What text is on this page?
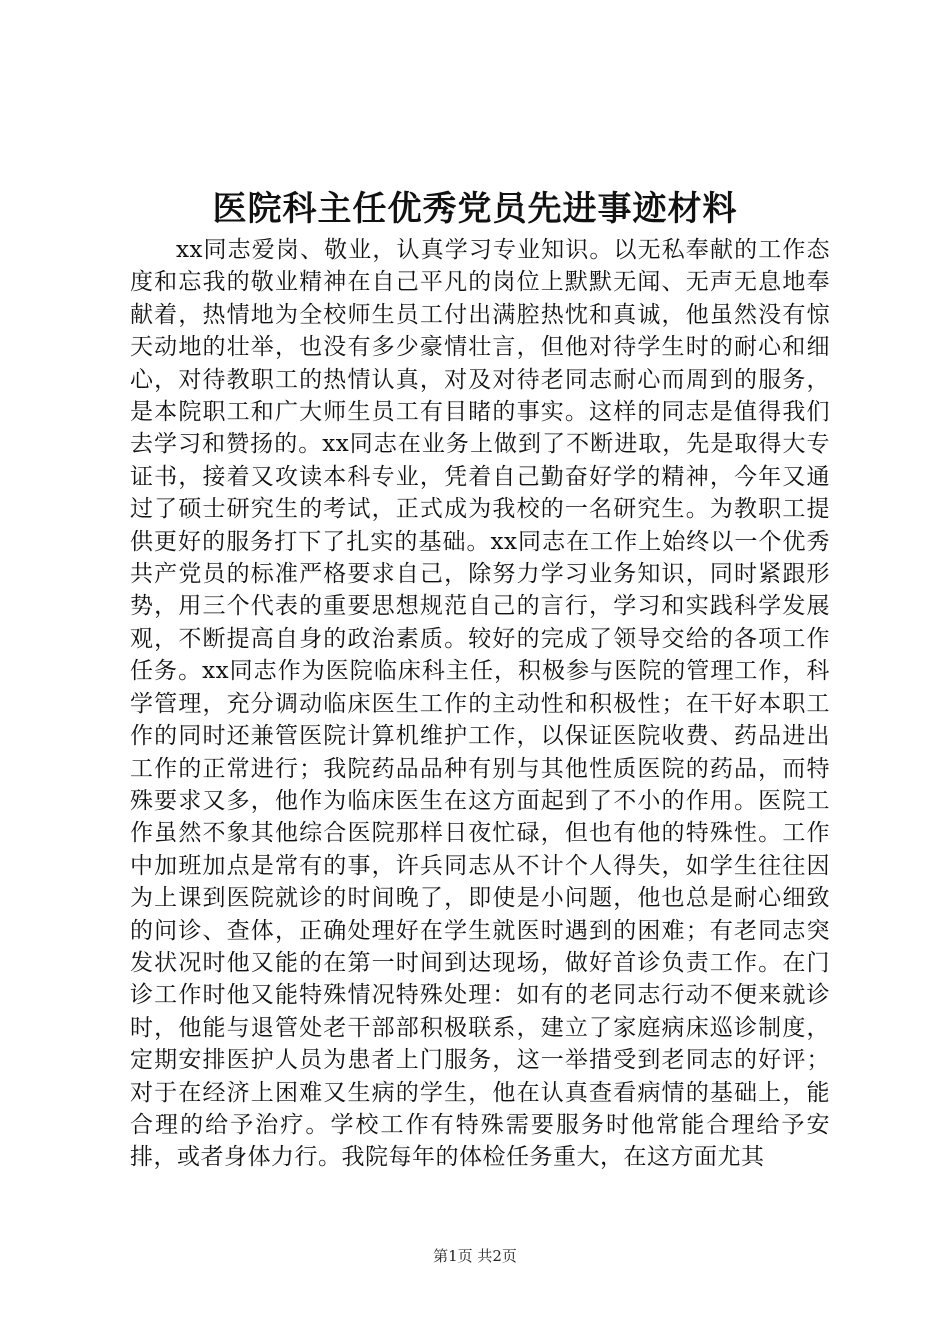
医院科主任优秀党员先进事迹材料

xx同志爱岗、敬业，认真学习专业知识。以无私奉献的工作态度和忘我的敬业精神在自己平凡的岗位上默默无闻、无声无息地奉献着，热情地为全校师生员工付出满腔热忱和真诚，他虽然没有惊天动地的壮举，也没有多少豪情壮言，但他对待学生时的耐心和细心，对待教职工的热情认真，对及对待老同志耐心而周到的服务，是本院职工和广大师生员工有目睹的事实。这样的同志是值得我们去学习和赞扬的。xx同志在业务上做到了不断进取，先是取得大专证书，接着又攻读本科专业，凭着自己勤奋好学的精神，今年又通过了硕士研究生的考试，正式成为我校的一名研究生。为教职工提供更好的服务打下了扎实的基础。xx同志在工作上始终以一个优秀共产党员的标准严格要求自己，除努力学习业务知识，同时紧跟形势，用三个代表的重要思想规范自己的言行，学习和实践科学发展观，不断提高自身的政治素质。较好的完成了领导交给的各项工作任务。xx同志作为医院临床科主任，积极参与医院的管理工作，科学管理，充分调动临床医生工作的主动性和积极性；在干好本职工作的同时还兼管医院计算机维护工作，以保证医院收费、药品进出工作的正常进行；我院药品品种有别与其他性质医院的药品，而特殊要求又多，他作为临床医生在这方面起到了不小的作用。医院工作虽然不象其他综合医院那样日夜忙碌，但也有他的特殊性。工作中加班加点是常有的事，许兵同志从不计个人得失，如学生往往因为上课到医院就诊的时间晚了，即使是小问题，他也总是耐心细致的问诊、查体，正确处理好在学生就医时遇到的困难；有老同志突发状况时他又能的在第一时间到达现场，做好首诊负责工作。在门诊工作时他又能特殊情况特殊处理：如有的老同志行动不便来就诊时，他能与退管处老干部部积极联系，建立了家庭病床巡诊制度，定期安排医护人员为患者上门服务，这一举措受到老同志的好评；对于在经济上困难又生病的学生，他在认真查看病情的基础上，能合理的给予治疗。学校工作有特殊需要服务时他常能合理给予安排，或者身体力行。我院每年的体检任务重大，在这方面尤其

第1页 共2页
